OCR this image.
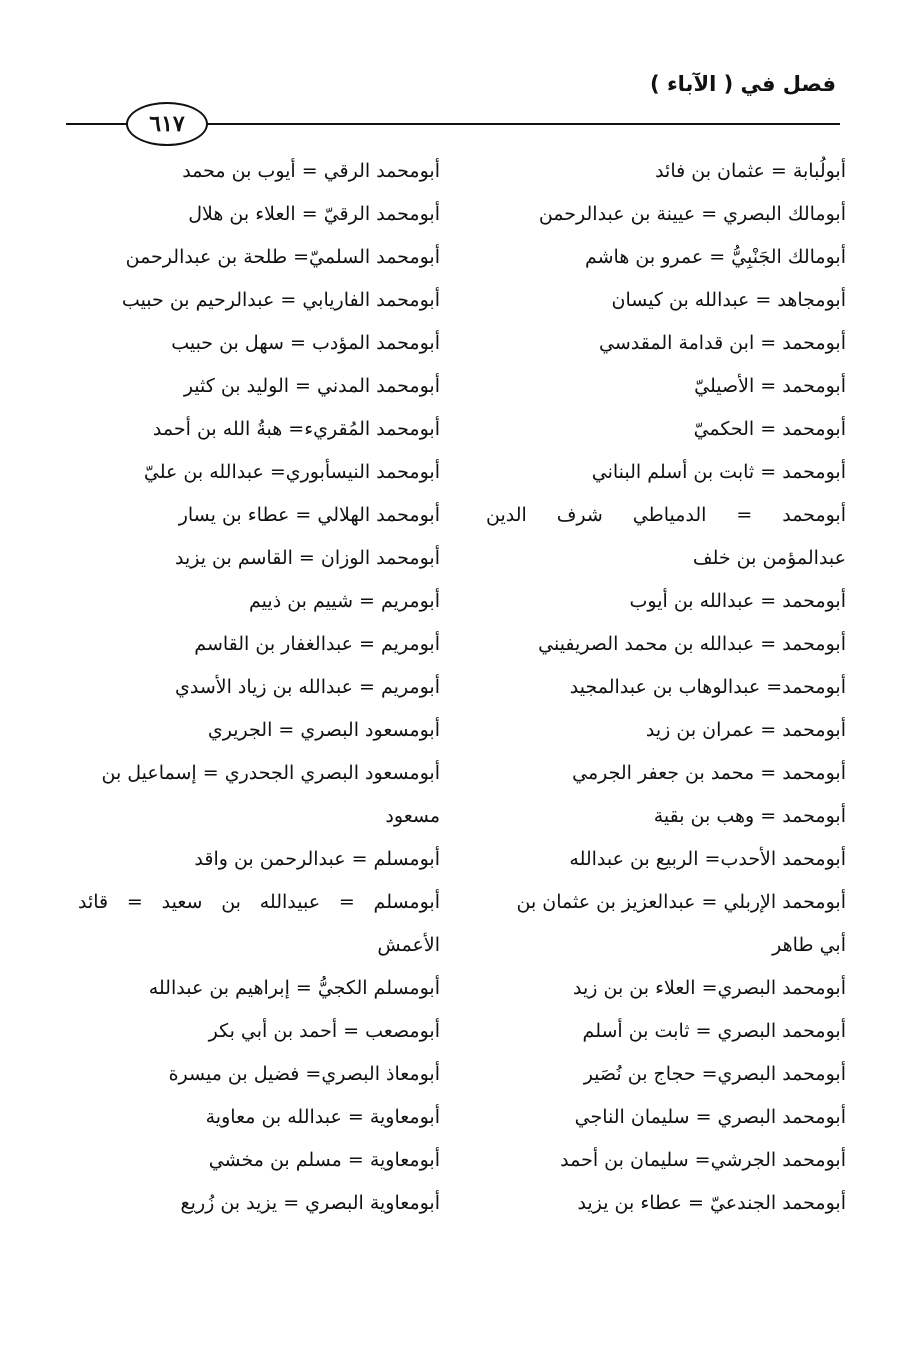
فصل في ( الآباء )
٦١٧
أبولُبابة = عثمان بن فائد
أبومالك البصري = عيينة بن عبدالرحمن
أبومالك الجَنْبِيُّ = عمرو بن هاشم
أبومجاهد = عبدالله بن كيسان
أبومحمد = ابن قدامة المقدسي
أبومحمد = الأصيليّ
أبومحمد = الحكميّ
أبومحمد = ثابت بن أسلم البناني
أبومحمد = الدمياطي شرف الدين
عبدالمؤمن بن خلف
أبومحمد = عبدالله بن أيوب
أبومحمد = عبدالله بن محمد الصريفيني
أبومحمد= عبدالوهاب بن عبدالمجيد
أبومحمد = عمران بن زيد
أبومحمد = محمد بن جعفر الجرمي
أبومحمد = وهب بن بقية
أبومحمد الأحدب= الربيع بن عبدالله
أبومحمد الإربلي = عبدالعزيز بن عثمان بن
أبي طاهر
أبومحمد البصري= العلاء بن بن زيد
أبومحمد البصري = ثابت بن أسلم
أبومحمد البصري= حجاج بن نُصَير
أبومحمد البصري = سليمان الناجي
أبومحمد الجرشي= سليمان بن أحمد
أبومحمد الجندعيّ = عطاء بن يزيد
أبومحمد الرقي = أيوب بن محمد
أبومحمد الرقيّ = العلاء بن هلال
أبومحمد السلميّ= طلحة بن عبدالرحمن
أبومحمد الفاريابي = عبدالرحيم بن حبيب
أبومحمد المؤدب = سهل بن حبيب
أبومحمد المدني = الوليد بن كثير
أبومحمد المُقريء= هبةُ الله بن أحمد
أبومحمد النيسأبوري= عبدالله بن عليّ
أبومحمد الهلالي = عطاء بن يسار
أبومحمد الوزان = القاسم بن يزيد
أبومريم = شييم بن ذييم
أبومريم = عبدالغفار بن القاسم
أبومريم = عبدالله بن زياد الأسدي
أبومسعود البصري = الجريري
أبومسعود البصري الجحدري = إسماعيل بن
مسعود
أبومسلم = عبدالرحمن بن واقد
أبومسلم = عبيدالله بن سعيد = قائد
الأعمش
أبومسلم الكجيُّ = إبراهيم بن عبدالله
أبومصعب = أحمد بن أبي بكر
أبومعاذ البصري= فضيل بن ميسرة
أبومعاوية = عبدالله بن معاوية
أبومعاوية = مسلم بن مخشي
أبومعاوية البصري = يزيد بن زُريع
